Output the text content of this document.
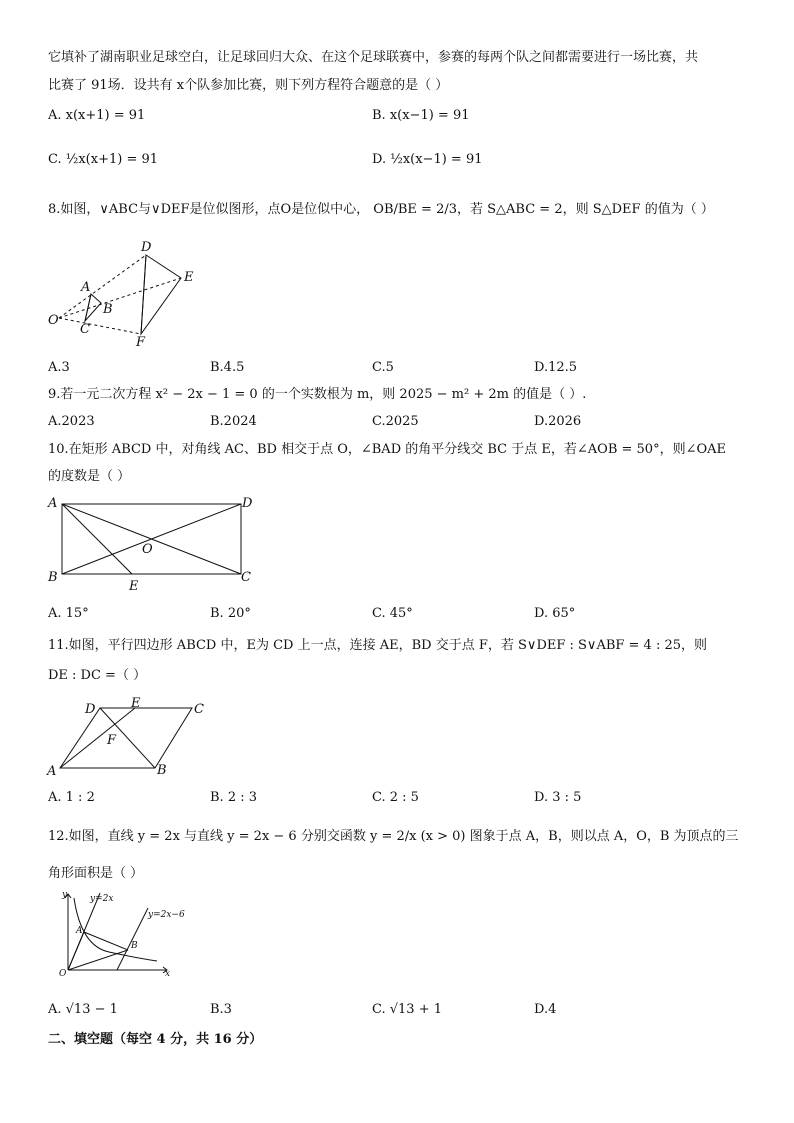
它填补了湖南职业足球空白，让足球回归大众、在这个足球联赛中，参赛的每两个队之间都需要进行一场比赛，共
比赛了 91场．设共有 x个队参加比赛，则下列方程符合题意的是（ ）
A. x(x+1) = 91	B. x(x−1) = 91
C. ½x(x+1) = 91	D. ½x(x−1) = 91
8.如图，∨ABC与∨DEF是位似图形，点O是位似中心， OB/BE = 2/3，若 S△ABC = 2，则 S△DEF 的值为（ ）
D
E
A
B
O
C
F
A.3	B.4.5	C.5	D.12.5
9.若一元二次方程 x² − 2x − 1 = 0 的一个实数根为 m，则 2025 − m² + 2m 的值是（ ）.
A.2023	B.2024	C.2025	D.2026
10.在矩形 ABCD 中，对角线 AC、BD 相交于点 O，∠BAD 的角平分线交 BC 于点 E，若∠AOB = 50°，则∠OAE
的度数是（ ）
A	D
O
B
E
C
A. 15°	B. 20°	C. 45°	D. 65°
11.如图，平行四边形 ABCD 中，E为 CD 上一点，连接 AE，BD 交于点 F，若 S∨DEF : S∨ABF = 4 : 25，则
DE : DC =（ ）
D	E	C
F
A	B
A. 1 : 2	B. 2 : 3	C. 2 : 5	D. 3 : 5
12.如图，直线 y = 2x 与直线 y = 2x − 6 分别交函数 y = 2/x (x > 0) 图象于点 A，B，则以点 A，O，B 为顶点的三
角形面积是（ ）
y	y=2x
y=2x−6
A
B
O	x
A. √13 − 1	B.3	C. √13 + 1	D.4
二、填空题（每空 4 分，共 16 分）
